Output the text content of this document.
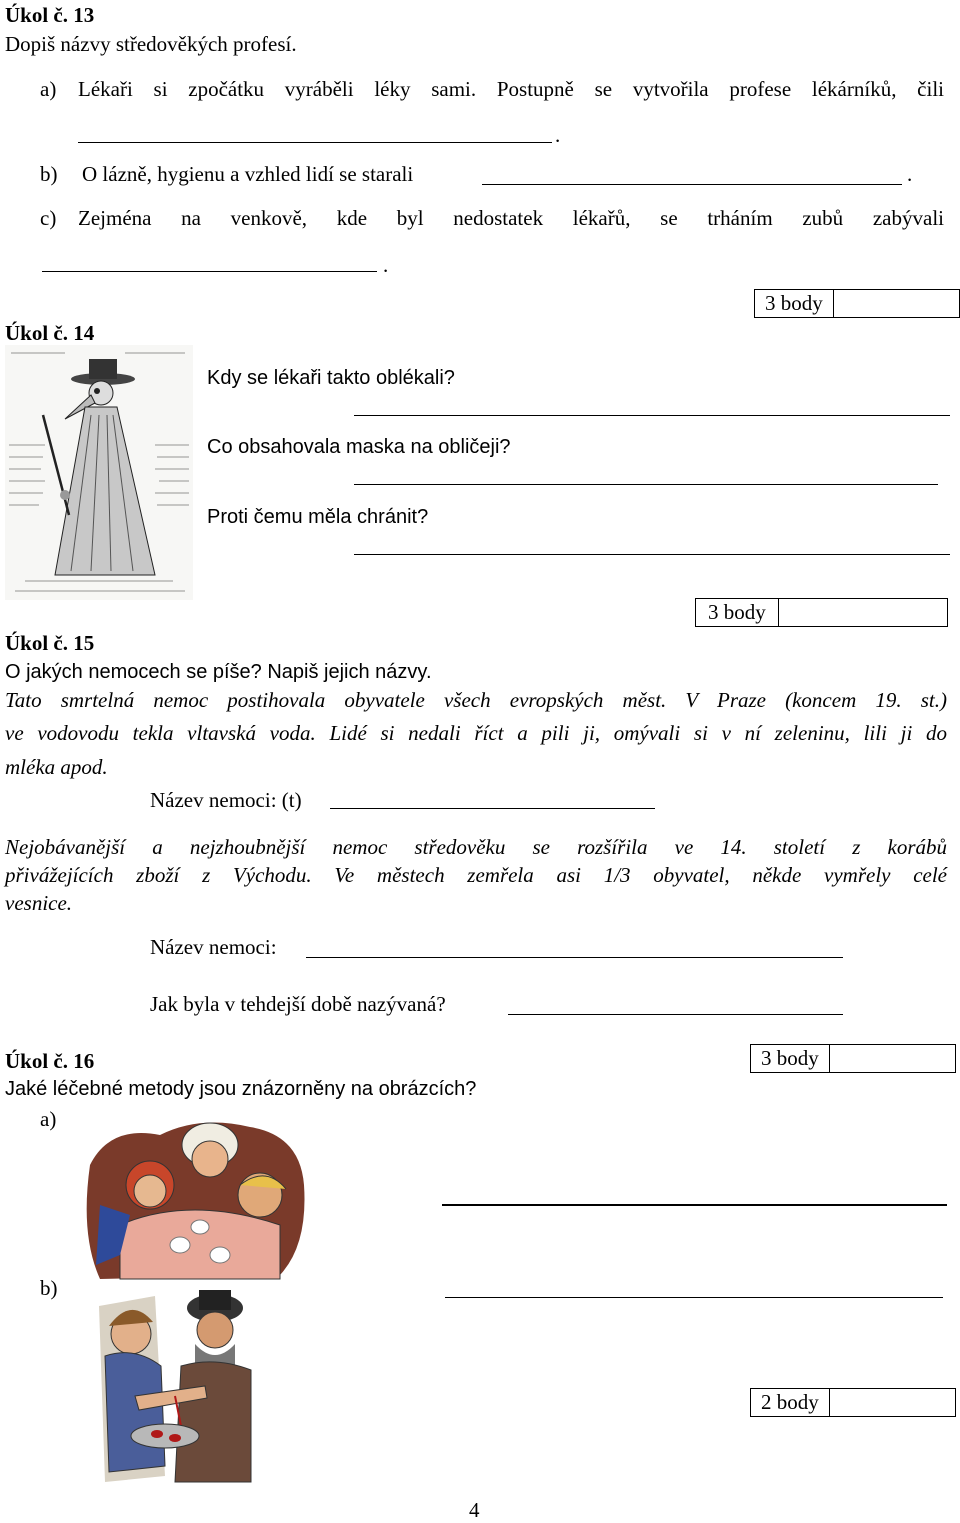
Úkol č. 13
Dopiš názvy středověkých profesí.
a) Lékaři si zpočátku vyráběli léky sami. Postupně se vytvořila profese lékárníků, čili
.
b) O lázně, hygienu a vzhled lidí se starali	.
c) Zejména na venkově, kde byl nedostatek lékařů, se trháním zubů zabývali
.
3 body
Úkol č. 14
Kdy se lékaři takto oblékali?
Co obsahovala maska na obličeji?
Proti čemu měla chránit?
3 body
Úkol č. 15
O jakých nemocech se píše? Napiš jejich názvy.
Tato smrtelná nemoc postihovala obyvatele všech evropských měst. V Praze (koncem 19. st.)
ve vodovodu tekla vltavská voda. Lidé si nedali říct a pili ji, omývali si v ní zeleninu, lili ji do
mléka apod.
Název nemoci: (t)
Nejobávanější a nejzhoubnější nemoc středověku se rozšířila ve 14. století z korábů
přivážejících zboží z Východu. Ve městech zemřela asi 1/3 obyvatel, někde vymřely celé
vesnice.
Název nemoci:
Jak byla v tehdejší době nazývaná?
3 body
Úkol č. 16
Jaké léčebné metody jsou znázorněny na obrázcích?
a)
b)
2 body
4
